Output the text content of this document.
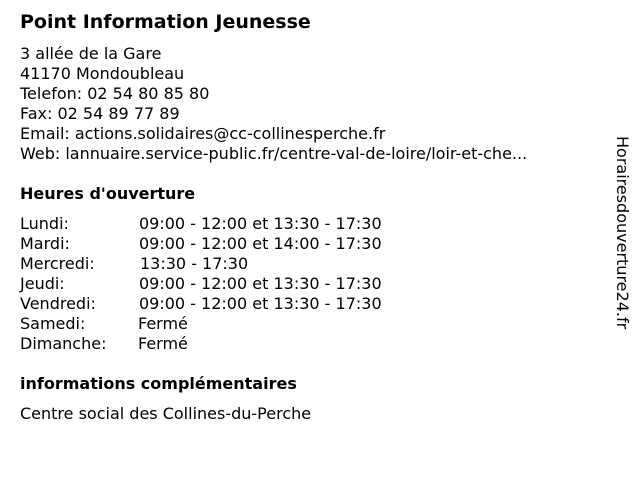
Point Information Jeunesse
3 allée de la Gare
41170 Mondoubleau
Telefon: 02 54 80 85 80
Fax: 02 54 89 77 89
Email: actions.solidaires@cc-collinesperche.fr
Web: lannuaire.service-public.fr/centre-val-de-loire/loir-et-che...
Heures d'ouverture
Lundi:	09:00 - 12:00 et 13:30 - 17:30
Mardi:	09:00 - 12:00 et 14:00 - 17:30
Mercredi:	13:30 - 17:30
Jeudi:	09:00 - 12:00 et 13:30 - 17:30
Vendredi:	09:00 - 12:00 et 13:30 - 17:30
Samedi:	Fermé
Dimanche: Fermé
informations complémentaires
Centre social des Collines-du-Perche
Horairesdouverture24.fr
